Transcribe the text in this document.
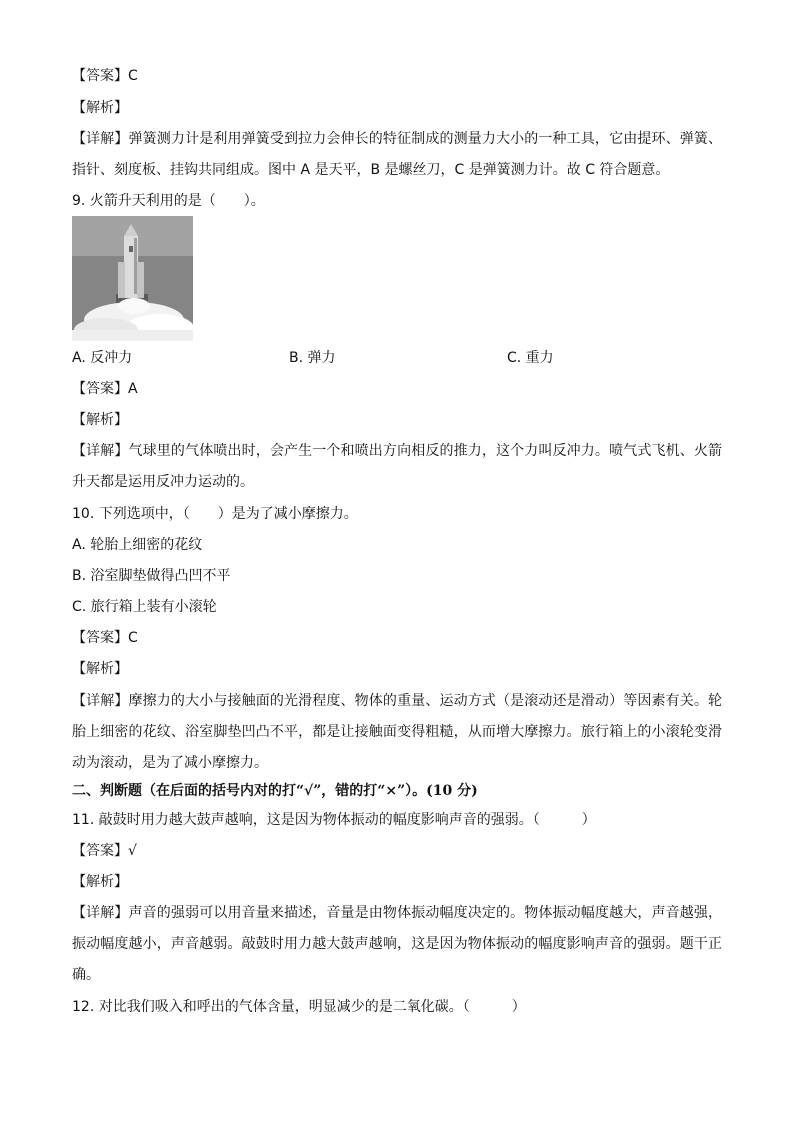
【答案】C
【解析】
【详解】弹簧测力计是利用弹簧受到拉力会伸长的特征制成的测量力大小的一种工具，它由提环、弹簧、指针、刻度板、挂钩共同组成。图中 A 是天平，B 是螺丝刀，C 是弹簧测力计。故 C 符合题意。
9. 火箭升天利用的是（　　）。
A. 反冲力	B. 弹力	C. 重力
【答案】A
【解析】
【详解】气球里的气体喷出时，会产生一个和喷出方向相反的推力，这个力叫反冲力。喷气式飞机、火箭升天都是运用反冲力运动的。
10. 下列选项中，（　　）是为了减小摩擦力。
A. 轮胎上细密的花纹
B. 浴室脚垫做得凸凹不平
C. 旅行箱上装有小滚轮
【答案】C
【解析】
【详解】摩擦力的大小与接触面的光滑程度、物体的重量、运动方式（是滚动还是滑动）等因素有关。轮胎上细密的花纹、浴室脚垫凹凸不平，都是让接触面变得粗糙，从而增大摩擦力。旅行箱上的小滚轮变滑动为滚动，是为了减小摩擦力。
二、判断题（在后面的括号内对的打“√”，错的打“×”）。(10 分)
11. 敲鼓时用力越大鼓声越响，这是因为物体振动的幅度影响声音的强弱。（　　　）
【答案】√
【解析】
【详解】声音的强弱可以用音量来描述，音量是由物体振动幅度决定的。物体振动幅度越大，声音越强，振动幅度越小，声音越弱。敲鼓时用力越大鼓声越响，这是因为物体振动的幅度影响声音的强弱。题干正确。
12. 对比我们吸入和呼出的气体含量，明显减少的是二氧化碳。（　　　）
